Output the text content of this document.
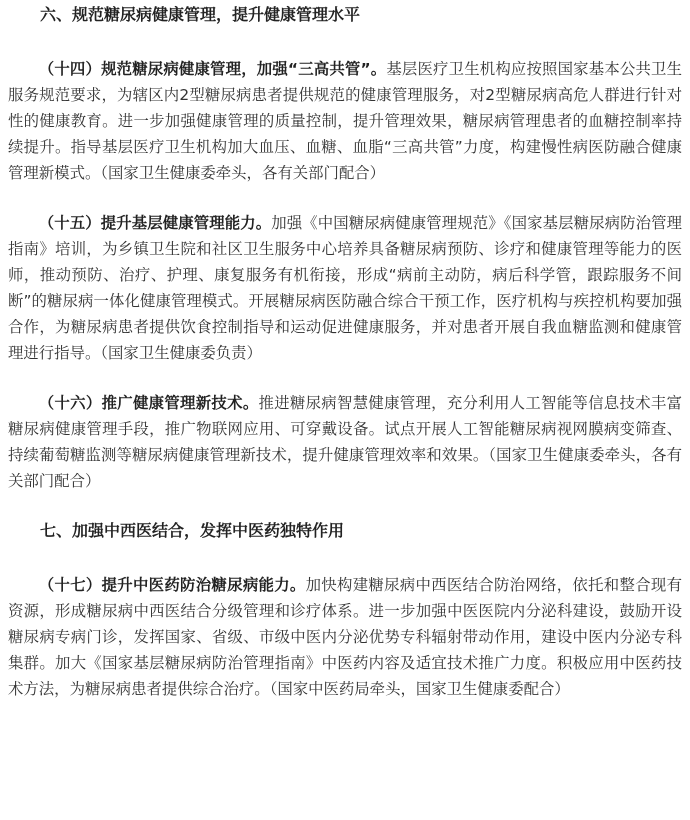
六、规范糖尿病健康管理，提升健康管理水平

（十四）规范糖尿病健康管理，加强“三高共管”。基层医疗卫生机构应按照国家基本公共卫生服务规范要求，为辖区内2型糖尿病患者提供规范的健康管理服务，对2型糖尿病高危人群进行针对性的健康教育。进一步加强健康管理的质量控制，提升管理效果，糖尿病管理患者的血糖控制率持续提升。指导基层医疗卫生机构加大血压、血糖、血脂“三高共管”力度，构建慢性病医防融合健康管理新模式。（国家卫生健康委牵头，各有关部门配合）

（十五）提升基层健康管理能力。加强《中国糖尿病健康管理规范》《国家基层糖尿病防治管理指南》培训，为乡镇卫生院和社区卫生服务中心培养具备糖尿病预防、诊疗和健康管理等能力的医师，推动预防、治疗、护理、康复服务有机衔接，形成“病前主动防，病后科学管，跟踪服务不间断”的糖尿病一体化健康管理模式。开展糖尿病医防融合综合干预工作，医疗机构与疾控机构要加强合作，为糖尿病患者提供饮食控制指导和运动促进健康服务，并对患者开展自我血糖监测和健康管理进行指导。（国家卫生健康委负责）

（十六）推广健康管理新技术。推进糖尿病智慧健康管理，充分利用人工智能等信息技术丰富糖尿病健康管理手段，推广物联网应用、可穿戴设备。试点开展人工智能糖尿病视网膜病变筛查、持续葡萄糖监测等糖尿病健康管理新技术，提升健康管理效率和效果。（国家卫生健康委牵头，各有关部门配合）

七、加强中西医结合，发挥中医药独特作用

（十七）提升中医药防治糖尿病能力。加快构建糖尿病中西医结合防治网络，依托和整合现有资源，形成糖尿病中西医结合分级管理和诊疗体系。进一步加强中医医院内分泌科建设，鼓励开设糖尿病专病门诊，发挥国家、省级、市级中医内分泌优势专科辐射带动作用，建设中医内分泌专科集群。加大《国家基层糖尿病防治管理指南》中医药内容及适宜技术推广力度。积极应用中医药技术方法，为糖尿病患者提供综合治疗。（国家中医药局牵头，国家卫生健康委配合）
